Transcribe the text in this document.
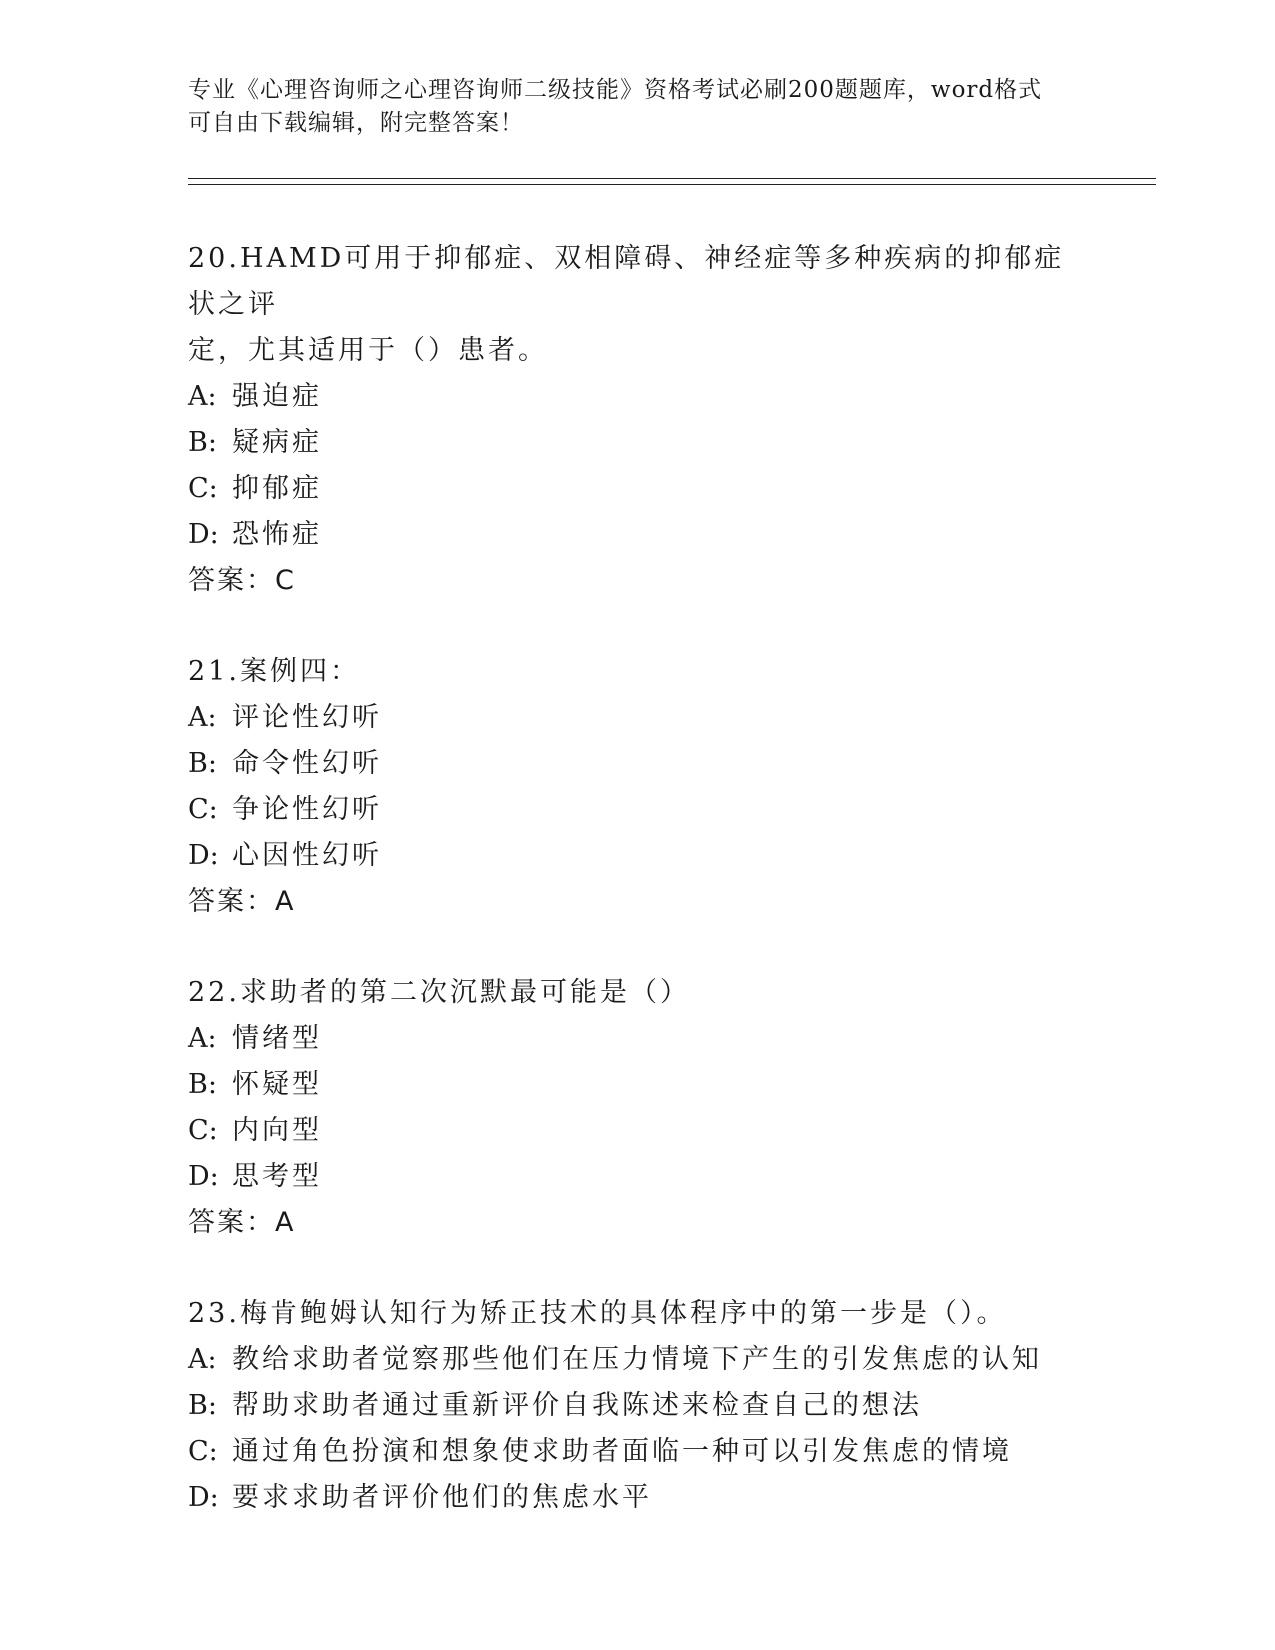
专业《心理咨询师之心理咨询师二级技能》资格考试必刷200题题库，word格式
可自由下载编辑，附完整答案！
20.HAMD可用于抑郁症、双相障碍、神经症等多种疾病的抑郁症状之评
定，尤其适用于（）患者。
A: 强迫症
B: 疑病症
C: 抑郁症
D: 恐怖症
答案：C
21.案例四：
A: 评论性幻听
B: 命令性幻听
C: 争论性幻听
D: 心因性幻听
答案：A
22.求助者的第二次沉默最可能是（）
A: 情绪型
B: 怀疑型
C: 内向型
D: 思考型
答案：A
23.梅肯鲍姆认知行为矫正技术的具体程序中的第一步是（）。
A: 教给求助者觉察那些他们在压力情境下产生的引发焦虑的认知
B: 帮助求助者通过重新评价自我陈述来检查自己的想法
C: 通过角色扮演和想象使求助者面临一种可以引发焦虑的情境
D: 要求求助者评价他们的焦虑水平
